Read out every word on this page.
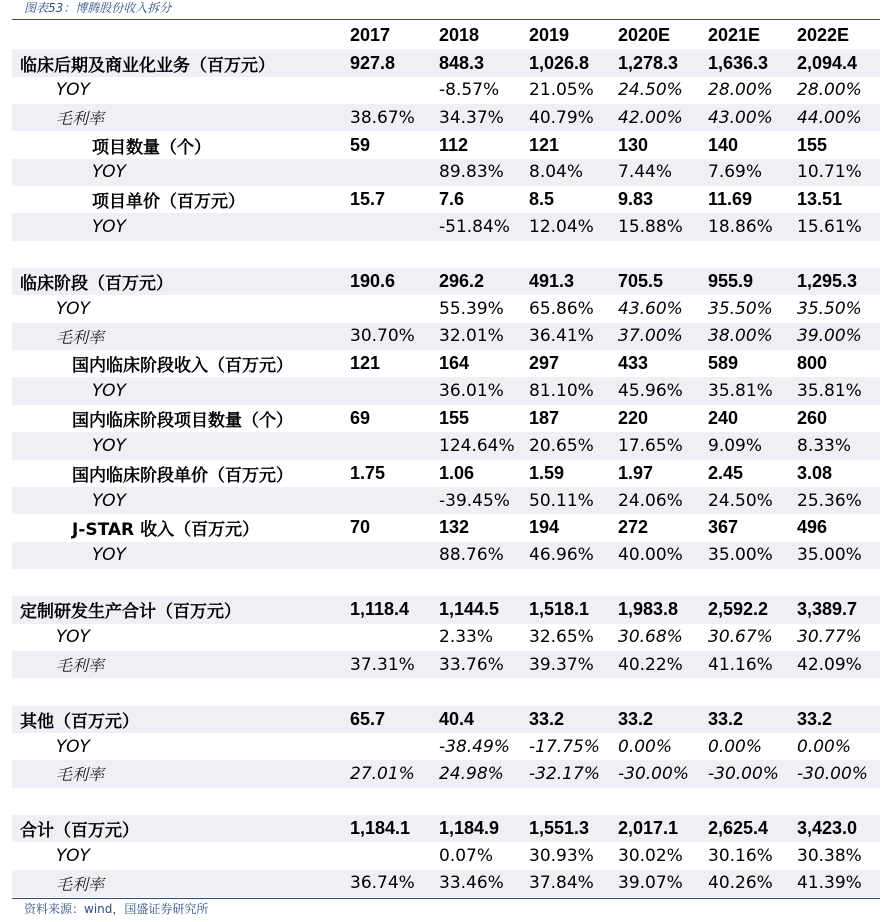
图表53：博腾股份收入拆分
	2017	2018	2019	2020E	2021E	2022E
临床后期及商业化业务（百万元）	927.8	848.3	1,026.8	1,278.3	1,636.3	2,094.4
YOY		-8.57%	21.05%	24.50%	28.00%	28.00%
毛利率	38.67%	34.37%	40.79%	42.00%	43.00%	44.00%
项目数量（个）	59	112	121	130	140	155
YOY		89.83%	8.04%	7.44%	7.69%	10.71%
项目单价（百万元）	15.7	7.6	8.5	9.83	11.69	13.51
YOY		-51.84%	12.04%	15.88%	18.86%	15.61%

临床阶段（百万元）	190.6	296.2	491.3	705.5	955.9	1,295.3
YOY		55.39%	65.86%	43.60%	35.50%	35.50%
毛利率	30.70%	32.01%	36.41%	37.00%	38.00%	39.00%
国内临床阶段收入（百万元）	121	164	297	433	589	800
YOY		36.01%	81.10%	45.96%	35.81%	35.81%
国内临床阶段项目数量（个）	69	155	187	220	240	260
YOY		124.64%	20.65%	17.65%	9.09%	8.33%
国内临床阶段单价（百万元）	1.75	1.06	1.59	1.97	2.45	3.08
YOY		-39.45%	50.11%	24.06%	24.50%	25.36%
J-STAR 收入（百万元）	70	132	194	272	367	496
YOY		88.76%	46.96%	40.00%	35.00%	35.00%

定制研发生产合计（百万元）	1,118.4	1,144.5	1,518.1	1,983.8	2,592.2	3,389.7
YOY		2.33%	32.65%	30.68%	30.67%	30.77%
毛利率	37.31%	33.76%	39.37%	40.22%	41.16%	42.09%

其他（百万元）	65.7	40.4	33.2	33.2	33.2	33.2
YOY		-38.49%	-17.75%	0.00%	0.00%	0.00%
毛利率	27.01%	24.98%	-32.17%	-30.00%	-30.00%	-30.00%

合计（百万元）	1,184.1	1,184.9	1,551.3	2,017.1	2,625.4	3,423.0
YOY		0.07%	30.93%	30.02%	30.16%	30.38%
毛利率	36.74%	33.46%	37.84%	39.07%	40.26%	41.39%
资料来源：wind，国盛证券研究所
